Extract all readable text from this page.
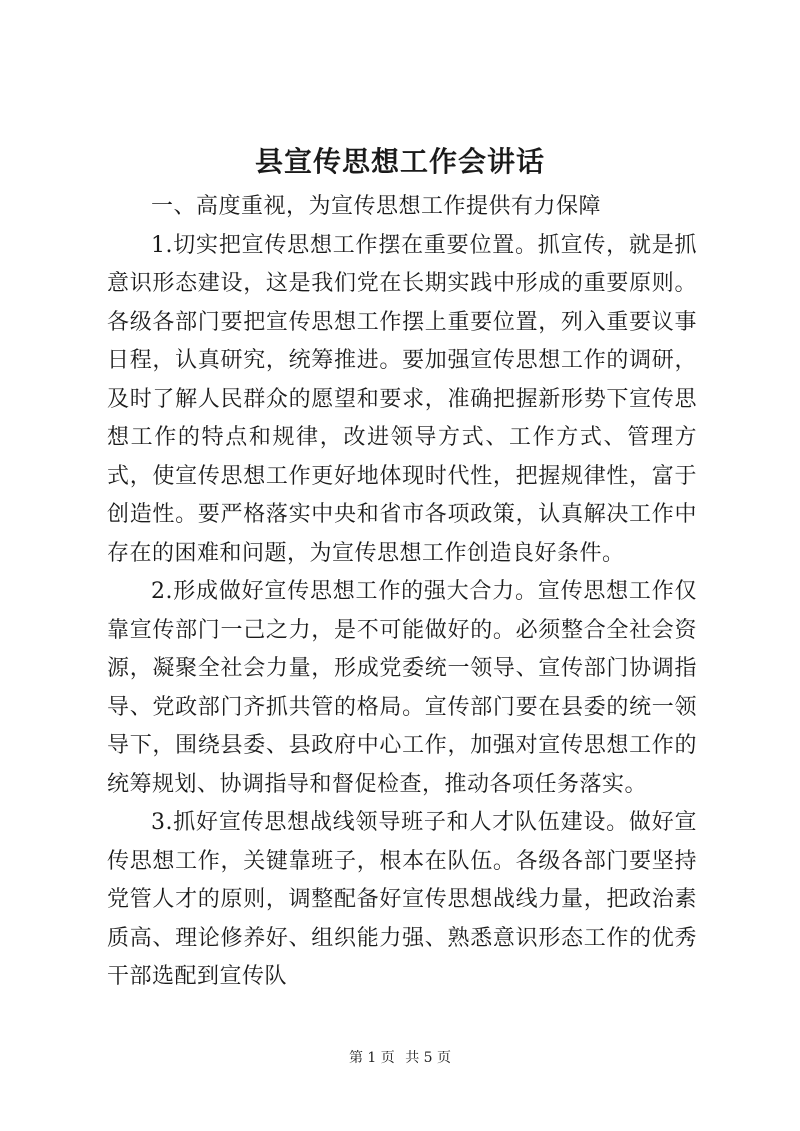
县宣传思想工作会讲话

一、高度重视，为宣传思想工作提供有力保障

1.切实把宣传思想工作摆在重要位置。抓宣传，就是抓意识形态建设，这是我们党在长期实践中形成的重要原则。各级各部门要把宣传思想工作摆上重要位置，列入重要议事日程，认真研究，统筹推进。要加强宣传思想工作的调研，及时了解人民群众的愿望和要求，准确把握新形势下宣传思想工作的特点和规律，改进领导方式、工作方式、管理方式，使宣传思想工作更好地体现时代性，把握规律性，富于创造性。要严格落实中央和省市各项政策，认真解决工作中存在的困难和问题，为宣传思想工作创造良好条件。

2.形成做好宣传思想工作的强大合力。宣传思想工作仅靠宣传部门一己之力，是不可能做好的。必须整合全社会资源，凝聚全社会力量，形成党委统一领导、宣传部门协调指导、党政部门齐抓共管的格局。宣传部门要在县委的统一领导下，围绕县委、县政府中心工作，加强对宣传思想工作的统筹规划、协调指导和督促检查，推动各项任务落实。

3.抓好宣传思想战线领导班子和人才队伍建设。做好宣传思想工作，关键靠班子，根本在队伍。各级各部门要坚持党管人才的原则，调整配备好宣传思想战线力量，把政治素质高、理论修养好、组织能力强、熟悉意识形态工作的优秀干部选配到宣传队

第 1 页 共 5 页
